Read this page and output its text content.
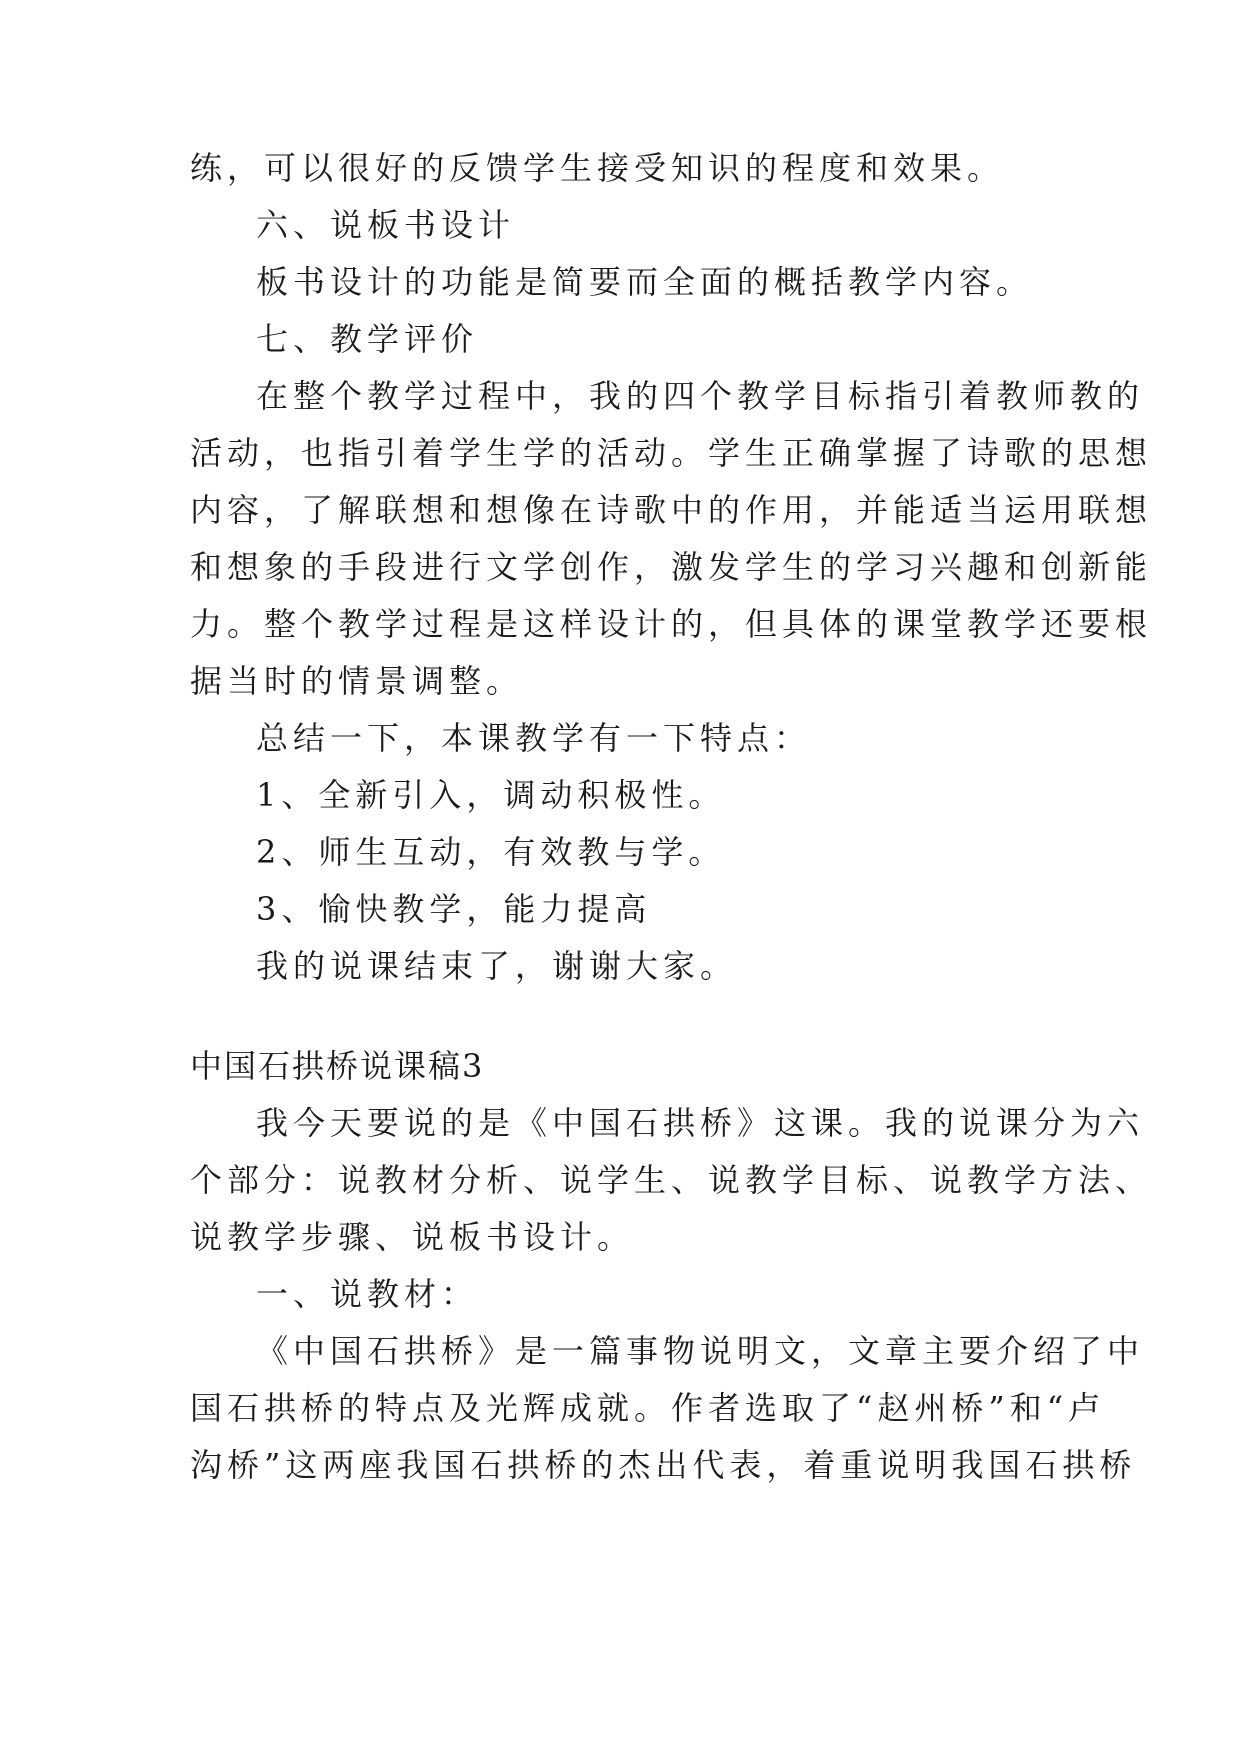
练，可以很好的反馈学生接受知识的程度和效果。
六、说板书设计
板书设计的功能是简要而全面的概括教学内容。
七、教学评价
在整个教学过程中，我的四个教学目标指引着教师教的
活动，也指引着学生学的活动。学生正确掌握了诗歌的思想
内容，了解联想和想像在诗歌中的作用，并能适当运用联想
和想象的手段进行文学创作，激发学生的学习兴趣和创新能
力。整个教学过程是这样设计的，但具体的课堂教学还要根
据当时的情景调整。
总结一下，本课教学有一下特点：
1、全新引入，调动积极性。
2、师生互动，有效教与学。
3、愉快教学，能力提高
我的说课结束了，谢谢大家。
中国石拱桥说课稿3
我今天要说的是《中国石拱桥》这课。我的说课分为六
个部分：说教材分析、说学生、说教学目标、说教学方法、
说教学步骤、说板书设计。
一、说教材：
《中国石拱桥》是一篇事物说明文，文章主要介绍了中
国石拱桥的特点及光辉成就。作者选取了“赵州桥”和“卢
沟桥”这两座我国石拱桥的杰出代表，着重说明我国石拱桥
